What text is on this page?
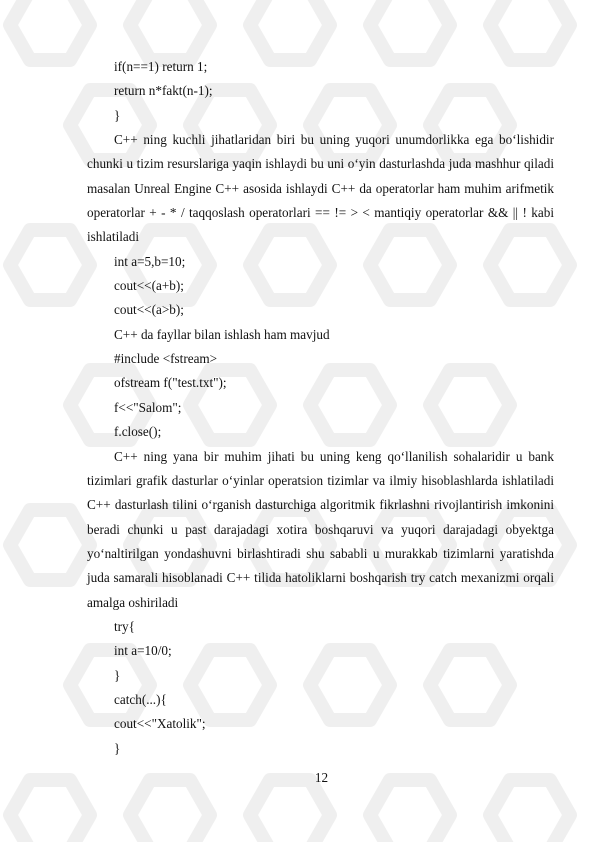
if(n==1) return 1;

return n*fakt(n-1);

}

C++ ning kuchli jihatlaridan biri bu uning yuqori unumdorlikka ega bo‘lishidir chunki u tizim resurslariga yaqin ishlaydi bu uni o‘yin dasturlashda juda mashhur qiladi masalan Unreal Engine C++ asosida ishlaydi C++ da operatorlar ham muhim arifmetik operatorlar + - * / taqqoslash operatorlari == != > < mantiqiy operatorlar && || ! kabi ishlatiladi

int a=5,b=10;

cout<<(a+b);

cout<<(a>b);

C++ da fayllar bilan ishlash ham mavjud

#include <fstream>

ofstream f("test.txt");

f<<"Salom";

f.close();

C++ ning yana bir muhim jihati bu uning keng qo‘llanilish sohalaridir u bank tizimlari grafik dasturlar o‘yinlar operatsion tizimlar va ilmiy hisoblashlarda ishlatiladi C++ dasturlash tilini o‘rganish dasturchiga algoritmik fikrlashni rivojlantirish imkonini beradi chunki u past darajadagi xotira boshqaruvi va yuqori darajadagi obyektga yo‘naltirilgan yondashuvni birlashtiradi shu sababli u murakkab tizimlarni yaratishda juda samarali hisoblanadi C++ tilida hatoliklarni boshqarish try catch mexanizmi orqali amalga oshiriladi

try{

int a=10/0;

}

catch(...){

cout<<"Xatolik";

}

12
